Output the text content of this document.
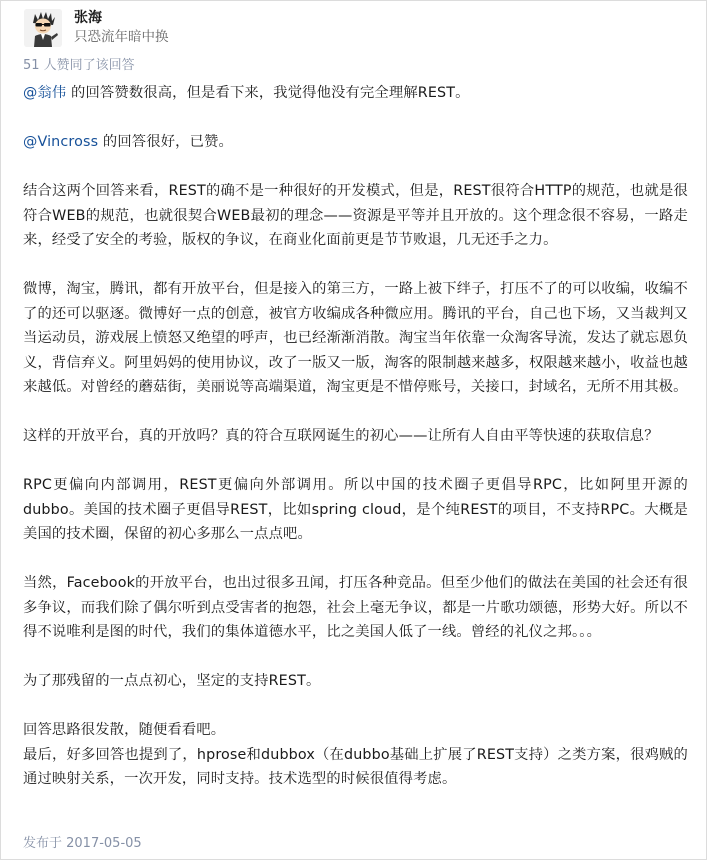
张海
只恐流年暗中换
51 人赞同了该回答

@翁伟 的回答赞数很高，但是看下来，我觉得他没有完全理解REST。

@Vincross 的回答很好，已赞。

结合这两个回答来看，REST的确不是一种很好的开发模式，但是，REST很符合HTTP的规范，也就是很符合WEB的规范，也就很契合WEB最初的理念——资源是平等并且开放的。这个理念很不容易，一路走来，经受了安全的考验，版权的争议，在商业化面前更是节节败退，几无还手之力。

微博，淘宝，腾讯，都有开放平台，但是接入的第三方，一路上被下绊子，打压不了的可以收编，收编不了的还可以驱逐。微博好一点的创意，被官方收编成各种微应用。腾讯的平台，自己也下场，又当裁判又当运动员，游戏展上愤怒又绝望的呼声，也已经渐渐消散。淘宝当年依靠一众淘客导流，发达了就忘恩负义，背信弃义。阿里妈妈的使用协议，改了一版又一版，淘客的限制越来越多，权限越来越小，收益也越来越低。对曾经的蘑菇街，美丽说等高端渠道，淘宝更是不惜停账号，关接口，封域名，无所不用其极。

这样的开放平台，真的开放吗？真的符合互联网诞生的初心——让所有人自由平等快速的获取信息？

RPC更偏向内部调用，REST更偏向外部调用。所以中国的技术圈子更倡导RPC，比如阿里开源的dubbo。美国的技术圈子更倡导REST，比如spring cloud，是个纯REST的项目，不支持RPC。大概是美国的技术圈，保留的初心多那么一点点吧。

当然，Facebook的开放平台，也出过很多丑闻，打压各种竞品。但至少他们的做法在美国的社会还有很多争议，而我们除了偶尔听到点受害者的抱怨，社会上毫无争议，都是一片歌功颂德，形势大好。所以不得不说唯利是图的时代，我们的集体道德水平，比之美国人低了一线。曾经的礼仪之邦。。。

为了那残留的一点点初心，坚定的支持REST。

回答思路很发散，随便看看吧。
最后，好多回答也提到了，hprose和dubbox（在dubbo基础上扩展了REST支持）之类方案，很鸡贼的通过映射关系，一次开发，同时支持。技术选型的时候很值得考虑。

发布于 2017-05-05
